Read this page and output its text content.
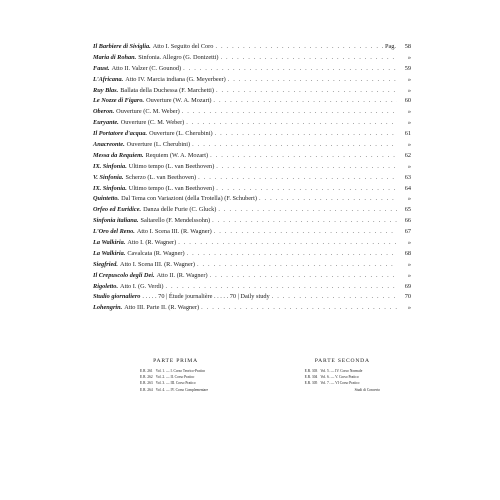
Il Barbiere di Siviglia. Atto I. Seguito del Coro . . .	Pag.	58
Maria di Rohan. Sinfonia. Allegro (G. Donizetti) . . .	»
Faust. Atto II. Valzer (C. Gounod) . . .	59
L'Africana. Atto IV. Marcia indiana (G. Meyerbeer) . . .	»
Ruy Blas. Ballata della Duchessa (F. Marchetti) . . .	»
Le Nozze di Figaro. Ouverture (W. A. Mozart) . . .	60
Oberon. Ouverture (C. M. Weber) . . .	»
Euryante. Ouverture (C. M. Weber) . . .	»
Il Portatore d'acqua. Ouverture (L. Cherubini) . . .	61
Anacreonte. Ouverture (L. Cherubini) . . .	»
Messa da Requiem. Requiem (W. A. Mozart) . . .	62
IX. Sinfonia. Ultimo tempo (L. van Beethoven) . . .	»
V. Sinfonia. Scherzo (L. van Beethoven) . . .	63
IX. Sinfonia. Ultimo tempo (L. van Beethoven) . . .	64
Quintetto. Dal Tema con Variazioni (della Trotella) (F. Schubert) . . .	»
Orfeo ed Euridice. Danza delle Furie (C. Gluck) . . .	65
Sinfonia italiana. Saltarello (F. Mendelssohn) . . .	66
L'Oro del Reno. Atto I. Scena III. (R. Wagner) . . .	67
La Walkiria. Atto I. (R. Wagner) . . .	»
La Walkiria. Cavalcata (R. Wagner) . . .	68
Siegfried. Atto I. Scena III. (R. Wagner) . . .	»
Il Crepuscolo degli Dei. Atto II. (R. Wagner) . . .	»
Rigoletto. Atto I. (G. Verdi) . . .	69
Studio giornaliero . . . . . 70 | Étude journalière . . . . . 70 | Daily study . . .	70
Lohengrin. Atto III. Parte II. (R. Wagner) . . .	»
PARTE PRIMA
E.R. 261 Vol. 1. — I. Corso Teorico-Pratico
E.R. 262 Vol. 2. — II. Corso Pratico
E.R. 263 Vol. 3. — III. Corso Pratico
E.R. 264 Vol. 4. — IV. Corso Complementare
PARTE SECONDA
E.R. 303 Vol. 5. — IV. Corso Normale
E.R. 304 Vol. 6. — V. Corso Pratico
E.R. 305 Vol. 7. — VI Corso Pratico
Studi di Concerto
